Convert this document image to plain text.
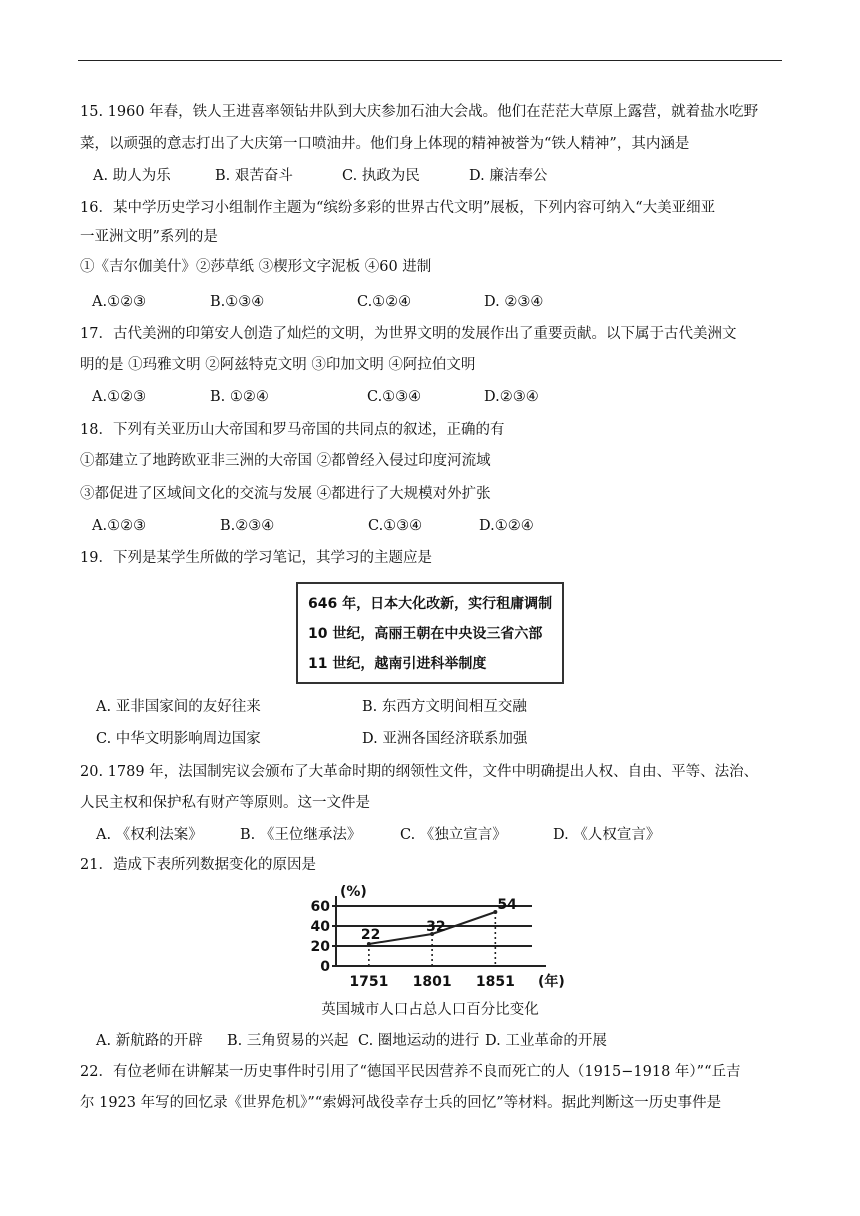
15. 1960 年春，铁人王进喜率领钻井队到大庆参加石油大会战。他们在茫茫大草原上露营，就着盐水吃野
菜，以顽强的意志打出了大庆第一口喷油井。他们身上体现的精神被誉为“铁人精神”，其内涵是
A. 助人为乐	B. 艰苦奋斗	C. 执政为民	D. 廉洁奉公
16．某中学历史学习小组制作主题为“缤纷多彩的世界古代文明”展板，下列内容可纳入“大美亚细亚
一亚洲文明”系列的是
①《吉尔伽美什》②莎草纸 ③楔形文字泥板 ④60 进制
A.①②③	B.①③④	C.①②④	D. ②③④
17．古代美洲的印第安人创造了灿烂的文明，为世界文明的发展作出了重要贡献。以下属于古代美洲文
明的是 ①玛雅文明 ②阿兹特克文明 ③印加文明 ④阿拉伯文明
A.①②③	B. ①②④	C.①③④	D.②③④
18．下列有关亚历山大帝国和罗马帝国的共同点的叙述，正确的有
①都建立了地跨欧亚非三洲的大帝国 ②都曾经入侵过印度河流域
③都促进了区域间文化的交流与发展 ④都进行了大规模对外扩张
A.①②③	B.②③④	C.①③④	D.①②④
19．下列是某学生所做的学习笔记，其学习的主题应是
646 年，日本大化改新，实行租庸调制
10 世纪，高丽王朝在中央设三省六部
11 世纪，越南引进科举制度
A. 亚非国家间的友好往来	B. 东西方文明间相互交融
C. 中华文明影响周边国家	D. 亚洲各国经济联系加强
20. 1789 年，法国制宪议会颁布了大革命时期的纲领性文件，文件中明确提出人权、自由、平等、法治、
人民主权和保护私有财产等原则。这一文件是
A. 《权利法案》	B. 《王位继承法》	C. 《独立宣言》	D. 《人权宣言》
21．造成下表所列数据变化的原因是
0
20
40
60
(%)
1751 1801 1851 (年)
22	32
54
英国城市人口占总人口百分比变化
A. 新航路的开辟 B. 三角贸易的兴起 C. 圈地运动的进行 D. 工业革命的开展
22．有位老师在讲解某一历史事件时引用了“德国平民因营养不良而死亡的人（1915−1918 年）”“丘吉
尔 1923 年写的回忆录《世界危机》”“索姆河战役幸存士兵的回忆”等材料。据此判断这一历史事件是
